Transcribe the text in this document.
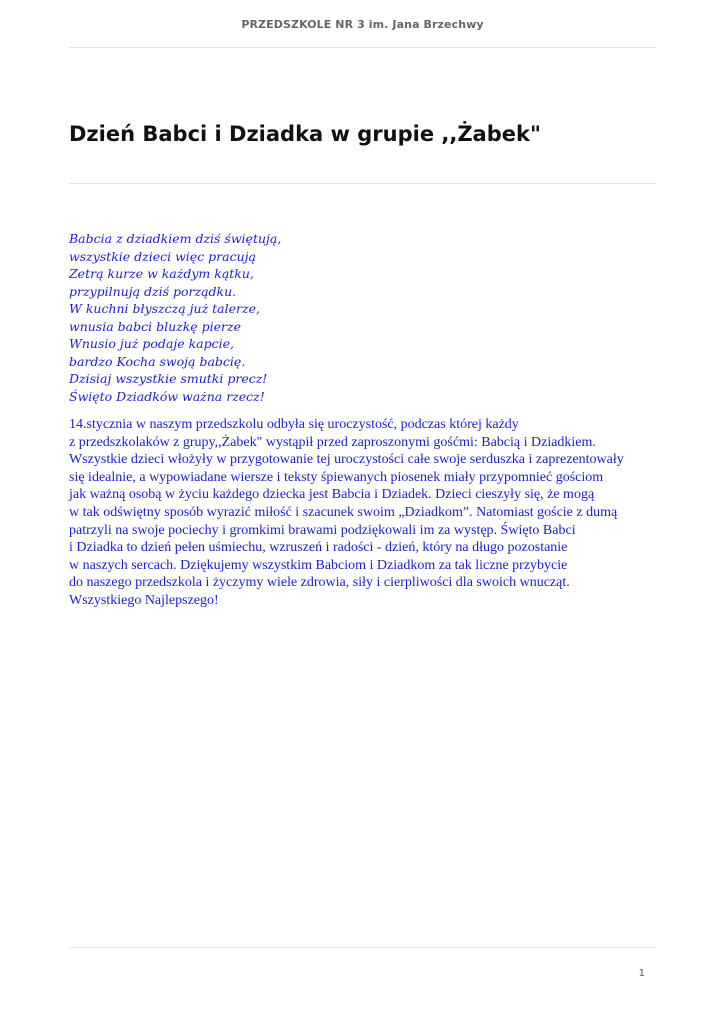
PRZEDSZKOLE NR 3 im. Jana Brzechwy
Dzień Babci i Dziadka w grupie ,,Żabek"
Babcia z dziadkiem dziś świętują,
wszystkie dzieci więc pracują
Zetrą kurze w każdym kątku,
przypilnują dziś porządku.
W kuchni błyszczą już talerze,
wnusia babci bluzkę pierze
Wnusio już podaje kapcie,
bardzo Kocha swoją babcię.
Dzisiaj wszystkie smutki precz!
Święto Dziadków ważna rzecz!
14.stycznia w naszym przedszkolu odbyła się uroczystość, podczas której każdy
z przedszkolaków z grupy,,Żabek" wystąpił przed zaproszonymi gośćmi: Babcią i Dziadkiem.
Wszystkie dzieci włożyły w przygotowanie tej uroczystości całe swoje serduszka i zaprezentowały
się idealnie, a wypowiadane wiersze i teksty śpiewanych piosenek miały przypomnieć gościom
jak ważną osobą w życiu każdego dziecka jest Babcia i Dziadek. Dzieci cieszyły się, że mogą
w tak odświętny sposób wyrazić miłość i szacunek swoim „Dziadkom”. Natomiast goście z dumą
patrzyli na swoje pociechy i gromkimi brawami podziękowali im za występ. Święto Babci
i Dziadka to dzień pełen uśmiechu, wzruszeń i radości - dzień, który na długo pozostanie
w naszych sercach. Dziękujemy wszystkim Babciom i Dziadkom za tak liczne przybycie
do naszego przedszkola i życzymy wiele zdrowia, siły i cierpliwości dla swoich wnucząt.
Wszystkiego Najlepszego!
1
